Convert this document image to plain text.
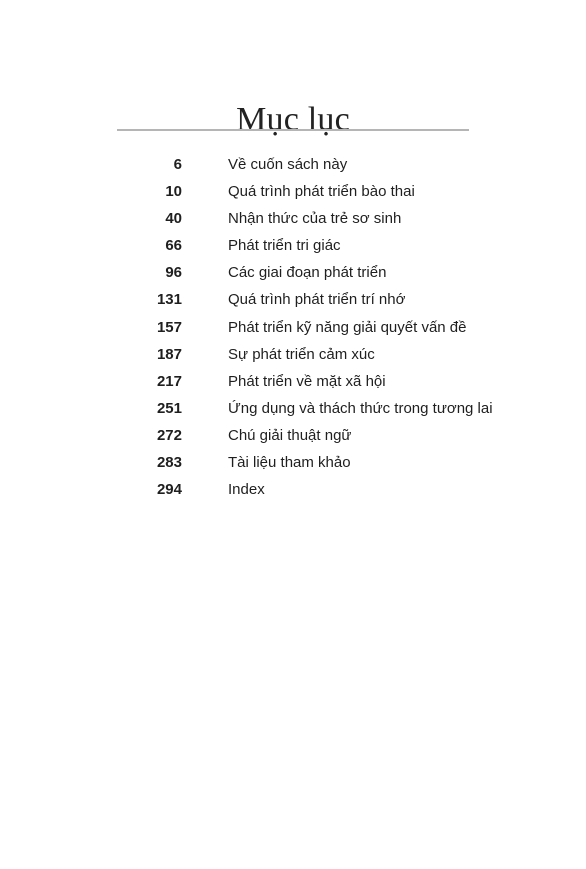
Mục lục
6	Về cuốn sách này
10	Quá trình phát triển bào thai
40	Nhận thức của trẻ sơ sinh
66	Phát triển tri giác
96	Các giai đoạn phát triển
131	Quá trình phát triển trí nhớ
157	Phát triển kỹ năng giải quyết vấn đề
187	Sự phát triển cảm xúc
217	Phát triển về mặt xã hội
251	Ứng dụng và thách thức trong tương lai
272	Chú giải thuật ngữ
283	Tài liệu tham khảo
294	Index
